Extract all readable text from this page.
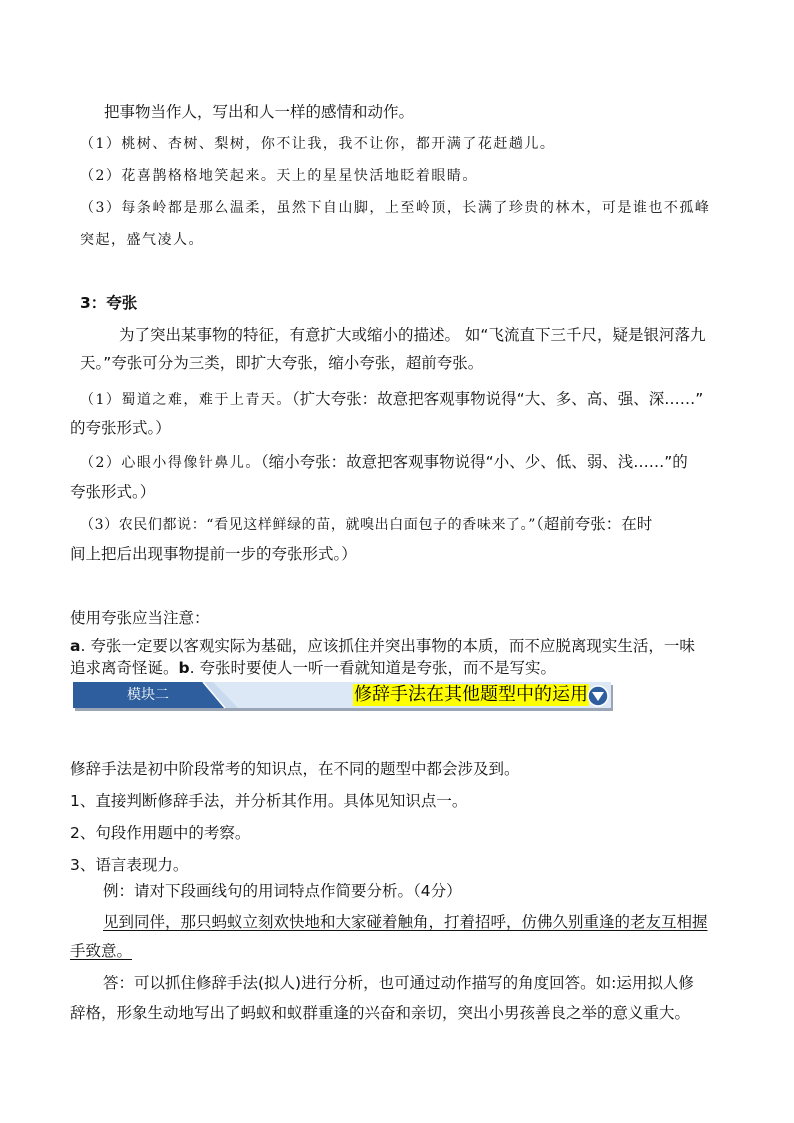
把事物当作人，写出和人一样的感情和动作。
（1）桃树、杏树、梨树，你不让我，我不让你，都开满了花赶趟儿。
（2）花喜鹊格格地笑起来。天上的星星快活地眨着眼睛。
（3）每条岭都是那么温柔，虽然下自山脚，上至岭顶，长满了珍贵的林木，可是谁也不孤峰
突起，盛气凌人。
3：夸张
为了突出某事物的特征，有意扩大或缩小的描述。 如“飞流直下三千尺，疑是银河落九
天。”夸张可分为三类，即扩大夸张，缩小夸张，超前夸张。
（1）蜀道之难，难于上青天。（扩大夸张：故意把客观事物说得“大、多、高、强、深……”
的夸张形式。）
（2）心眼小得像针鼻儿。（缩小夸张：故意把客观事物说得“小、少、低、弱、浅……”的
夸张形式。）
（3）农民们都说：“看见这样鲜绿的苗，就嗅出白面包子的香味来了。”（超前夸张：在时
间上把后出现事物提前一步的夸张形式。）
使用夸张应当注意：
a. 夸张一定要以客观实际为基础，应该抓住并突出事物的本质，而不应脱离现实生活，一味
追求离奇怪诞。b. 夸张时要使人一听一看就知道是夸张，而不是写实。
模块二	修辞手法在其他题型中的运用
修辞手法是初中阶段常考的知识点，在不同的题型中都会涉及到。
1、直接判断修辞手法，并分析其作用。具体见知识点一。
2、句段作用题中的考察。
3、语言表现力。
例：请对下段画线句的用词特点作简要分析。（4分）
见到同伴，那只蚂蚁立刻欢快地和大家碰着触角，打着招呼，仿佛久别重逢的老友互相握
手致意。
答：可以抓住修辞手法(拟人)进行分析，也可通过动作描写的角度回答。如:运用拟人修
辞格，形象生动地写出了蚂蚁和蚁群重逢的兴奋和亲切，突出小男孩善良之举的意义重大。
